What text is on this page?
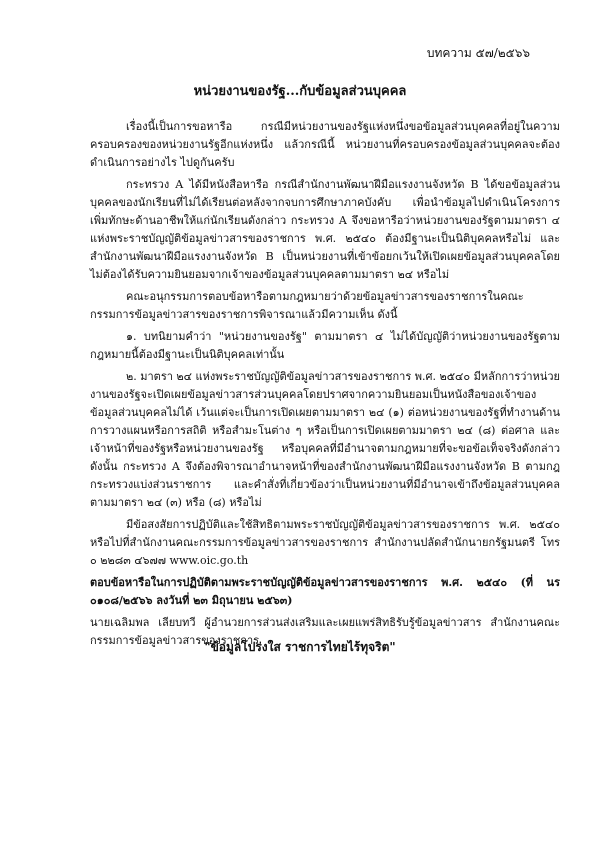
บทความ ๕๗/๒๕๖๖
หน่วยงานของรัฐ...กับข้อมูลส่วนบุคคล

เรื่องนี้เป็นการขอหารือ กรณีมีหน่วยงานของรัฐแห่งหนึ่งขอข้อมูลส่วนบุคคลที่อยู่ในความครอบครองของหน่วยงานรัฐอีกแห่งหนึ่ง แล้วกรณีนี้ หน่วยงานที่ครอบครองข้อมูลส่วนบุคคลจะต้องดำเนินการอย่างไร ไปดูกันครับ

กระทรวง A ได้มีหนังสือหารือ กรณีสำนักงานพัฒนาฝีมือแรงงานจังหวัด B ได้ขอข้อมูลส่วนบุคคลของนักเรียนที่ไม่ได้เรียนต่อหลังจากจบการศึกษาภาคบังคับ เพื่อนำข้อมูลไปดำเนินโครงการเพิ่มทักษะด้านอาชีพให้แก่นักเรียนดังกล่าว กระทรวง A จึงขอหารือว่าหน่วยงานของรัฐตามมาตรา ๔ แห่งพระราชบัญญัติข้อมูลข่าวสารของราชการ พ.ศ. ๒๕๔๐ ต้องมีฐานะเป็นนิติบุคคลหรือไม่ และสำนักงานพัฒนาฝีมือแรงงานจังหวัด B เป็นหน่วยงานที่เข้าข้อยกเว้นให้เปิดเผยข้อมูลส่วนบุคคลโดยไม่ต้องได้รับความยินยอมจากเจ้าของข้อมูลส่วนบุคคลตามมาตรา ๒๔ หรือไม่

คณะอนุกรรมการตอบข้อหารือตามกฎหมายว่าด้วยข้อมูลข่าวสารของราชการในคณะกรรมการข้อมูลข่าวสารของราชการพิจารณาแล้วมีความเห็น ดังนี้

๑. บทนิยามคำว่า "หน่วยงานของรัฐ" ตามมาตรา ๔ ไม่ได้บัญญัติว่าหน่วยงานของรัฐตามกฎหมายนี้ต้องมีฐานะเป็นนิติบุคคลเท่านั้น

๒. มาตรา ๒๔ แห่งพระราชบัญญัติข้อมูลข่าวสารของราชการ พ.ศ. ๒๕๔๐ มีหลักการว่าหน่วยงานของรัฐจะเปิดเผยข้อมูลข่าวสารส่วนบุคคลโดยปราศจากความยินยอมเป็นหนังสือของเจ้าของข้อมูลส่วนบุคคลไม่ได้ เว้นแต่จะเป็นการเปิดเผยตามมาตรา ๒๔ (๑) ต่อหน่วยงานของรัฐที่ทำงานด้านการวางแผนหรือการสถิติ หรือสำมะโนต่าง ๆ หรือเป็นการเปิดเผยตามมาตรา ๒๔ (๘) ต่อศาล และเจ้าหน้าที่ของรัฐหรือหน่วยงานของรัฐ หรือบุคคลที่มีอำนาจตามกฎหมายที่จะขอข้อเท็จจริงดังกล่าว ดังนั้น กระทรวง A จึงต้องพิจารณาอำนาจหน้าที่ของสำนักงานพัฒนาฝีมือแรงงานจังหวัด B ตามกฎกระทรวงแบ่งส่วนราชการ และคำสั่งที่เกี่ยวข้องว่าเป็นหน่วยงานที่มีอำนาจเข้าถึงข้อมูลส่วนบุคคลตามมาตรา ๒๔ (๓) หรือ (๘) หรือไม่

มีข้อสงสัยการปฏิบัติและใช้สิทธิตามพระราชบัญญัติข้อมูลข่าวสารของราชการ พ.ศ. ๒๕๔๐ หรือไปที่สำนักงานคณะกรรมการข้อมูลข่าวสารของราชการ สำนักงานปลัดสำนักนายกรัฐมนตรี โทร ๐ ๒๒๘๓ ๔๖๗๗ www.oic.go.th

ตอบข้อหารือในการปฏิบัติตามพระราชบัญญัติข้อมูลข่าวสารของราชการ พ.ศ. ๒๕๔๐ (ที่ นร ๐๑๐๘/๒๕๖๖ ลงวันที่ ๒๓ มิถุนายน ๒๕๖๓)

นายเฉลิมพล เลียบทวี ผู้อำนวยการส่วนส่งเสริมและเผยแพร่สิทธิรับรู้ข้อมูลข่าวสาร สำนักงานคณะกรรมการข้อมูลข่าวสารของราชการ

"ข้อมูลโปร่งใส ราชการไทยไร้ทุจริต"
